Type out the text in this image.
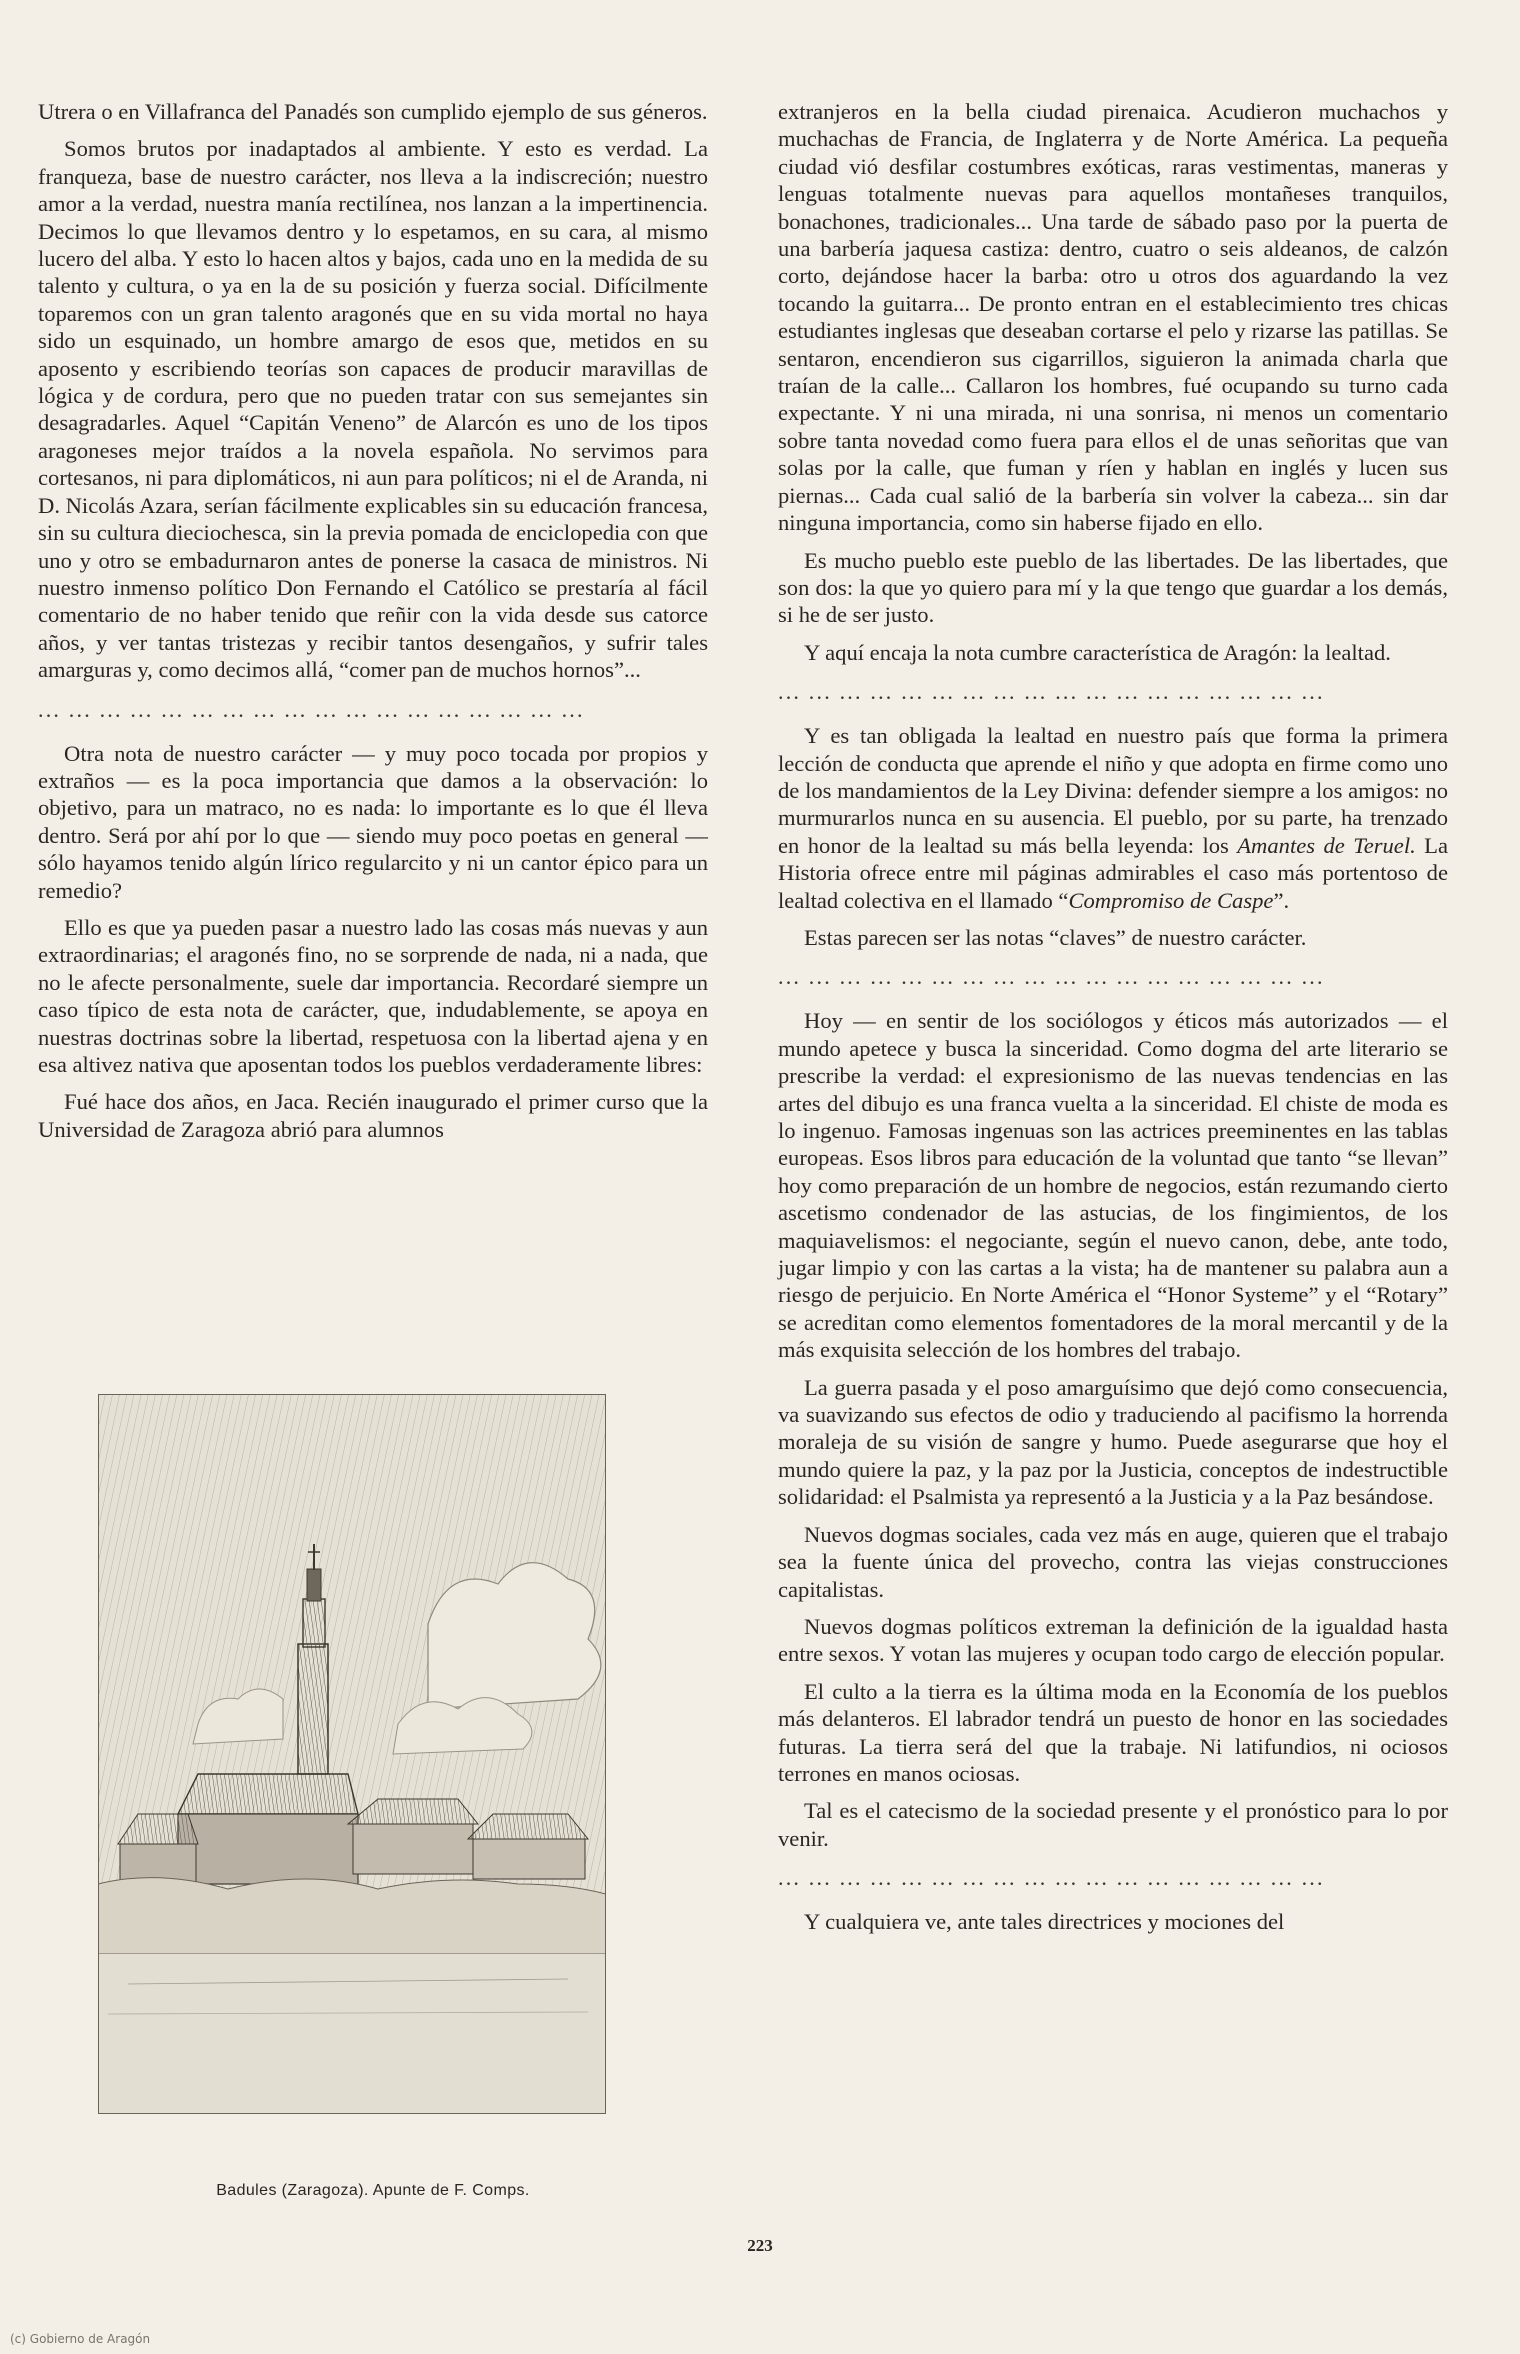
Utrera o en Villafranca del Panadés son cumplido ejemplo de sus géneros.

Somos brutos por inadaptados al ambiente. Y esto es verdad. La franqueza, base de nuestro carácter, nos lleva a la indiscreción; nuestro amor a la verdad, nuestra manía rectilínea, nos lanzan a la impertinencia. Decimos lo que llevamos dentro y lo espetamos, en su cara, al mismo lucero del alba. Y esto lo hacen altos y bajos, cada uno en la medida de su talento y cultura, o ya en la de su posición y fuerza social. Difícilmente toparemos con un gran talento aragonés que en su vida mortal no haya sido un esquinado, un hombre amargo de esos que, metidos en su aposento y escribiendo teorías son capaces de producir maravillas de lógica y de cordura, pero que no pueden tratar con sus semejantes sin desagradarles. Aquel “Capitán Veneno” de Alarcón es uno de los tipos aragoneses mejor traídos a la novela española. No servimos para cortesanos, ni para diplomáticos, ni aun para políticos; ni el de Aranda, ni D. Nicolás Azara, serían fácilmente explicables sin su educación francesa, sin su cultura dieciochesca, sin la previa pomada de enciclopedia con que uno y otro se embadurnaron antes de ponerse la casaca de ministros. Ni nuestro inmenso político Don Fernando el Católico se prestaría al fácil comentario de no haber tenido que reñir con la vida desde sus catorce años, y ver tantas tristezas y recibir tantos desengaños, y sufrir tales amarguras y, como decimos allá, “comer pan de muchos hornos”...

... ... ... ... ... ... ... ... ... ... ... ... ... ... ... ... ... ...

Otra nota de nuestro carácter — y muy poco tocada por propios y extraños — es la poca importancia que damos a la observación: lo objetivo, para un matraco, no es nada: lo importante es lo que él lleva dentro. Será por ahí por lo que — siendo muy poco poetas en general — sólo hayamos tenido algún lírico regularcito y ni un cantor épico para un remedio?

Ello es que ya pueden pasar a nuestro lado las cosas más nuevas y aun extraordinarias; el aragonés fino, no se sorprende de nada, ni a nada, que no le afecte personalmente, suele dar importancia. Recordaré siempre un caso típico de esta nota de carácter, que, indudablemente, se apoya en nuestras doctrinas sobre la libertad, respetuosa con la libertad ajena y en esa altivez nativa que aposentan todos los pueblos verdaderamente libres:

Fué hace dos años, en Jaca. Recién inaugurado el primer curso que la Universidad de Zaragoza abrió para alumnos

Badules (Zaragoza). Apunte de F. Comps.

extranjeros en la bella ciudad pirenaica. Acudieron muchachos y muchachas de Francia, de Inglaterra y de Norte América. La pequeña ciudad vió desfilar costumbres exóticas, raras vestimentas, maneras y lenguas totalmente nuevas para aquellos montañeses tranquilos, bonachones, tradicionales... Una tarde de sábado paso por la puerta de una barbería jaquesa castiza: dentro, cuatro o seis aldeanos, de calzón corto, dejándose hacer la barba: otro u otros dos aguardando la vez tocando la guitarra... De pronto entran en el establecimiento tres chicas estudiantes inglesas que deseaban cortarse el pelo y rizarse las patillas. Se sentaron, encendieron sus cigarrillos, siguieron la animada charla que traían de la calle... Callaron los hombres, fué ocupando su turno cada expectante. Y ni una mirada, ni una sonrisa, ni menos un comentario sobre tanta novedad como fuera para ellos el de unas señoritas que van solas por la calle, que fuman y ríen y hablan en inglés y lucen sus piernas... Cada cual salió de la barbería sin volver la cabeza... sin dar ninguna importancia, como sin haberse fijado en ello.

Es mucho pueblo este pueblo de las libertades. De las libertades, que son dos: la que yo quiero para mí y la que tengo que guardar a los demás, si he de ser justo.

Y aquí encaja la nota cumbre característica de Aragón: la lealtad.

... ... ... ... ... ... ... ... ... ... ... ... ... ... ... ... ... ...

Y es tan obligada la lealtad en nuestro país que forma la primera lección de conducta que aprende el niño y que adopta en firme como uno de los mandamientos de la Ley Divina: defender siempre a los amigos: no murmurarlos nunca en su ausencia. El pueblo, por su parte, ha trenzado en honor de la lealtad su más bella leyenda: los Amantes de Teruel. La Historia ofrece entre mil páginas admirables el caso más portentoso de lealtad colectiva en el llamado “Compromiso de Caspe”.

Estas parecen ser las notas “claves” de nuestro carácter.

... ... ... ... ... ... ... ... ... ... ... ... ... ... ... ... ... ...

Hoy — en sentir de los sociólogos y éticos más autorizados — el mundo apetece y busca la sinceridad. Como dogma del arte literario se prescribe la verdad: el expresionismo de las nuevas tendencias en las artes del dibujo es una franca vuelta a la sinceridad. El chiste de moda es lo ingenuo. Famosas ingenuas son las actrices preeminentes en las tablas europeas. Esos libros para educación de la voluntad que tanto “se llevan” hoy como preparación de un hombre de negocios, están rezumando cierto ascetismo condenador de las astucias, de los fingimientos, de los maquiavelismos: el negociante, según el nuevo canon, debe, ante todo, jugar limpio y con las cartas a la vista; ha de mantener su palabra aun a riesgo de perjuicio. En Norte América el “Honor Systeme” y el “Rotary” se acreditan como elementos fomentadores de la moral mercantil y de la más exquisita selección de los hombres del trabajo.

La guerra pasada y el poso amarguísimo que dejó como consecuencia, va suavizando sus efectos de odio y traduciendo al pacifismo la horrenda moraleja de su visión de sangre y humo. Puede asegurarse que hoy el mundo quiere la paz, y la paz por la Justicia, conceptos de indestructible solidaridad: el Psalmista ya representó a la Justicia y a la Paz besándose.

Nuevos dogmas sociales, cada vez más en auge, quieren que el trabajo sea la fuente única del provecho, contra las viejas construcciones capitalistas.

Nuevos dogmas políticos extreman la definición de la igualdad hasta entre sexos. Y votan las mujeres y ocupan todo cargo de elección popular.

El culto a la tierra es la última moda en la Economía de los pueblos más delanteros. El labrador tendrá un puesto de honor en las sociedades futuras. La tierra será del que la trabaje. Ni latifundios, ni ociosos terrones en manos ociosas.

Tal es el catecismo de la sociedad presente y el pronóstico para lo por venir.

... ... ... ... ... ... ... ... ... ... ... ... ... ... ... ... ... ...

Y cualquiera ve, ante tales directrices y mociones del

223
(c) Gobierno de Aragón
